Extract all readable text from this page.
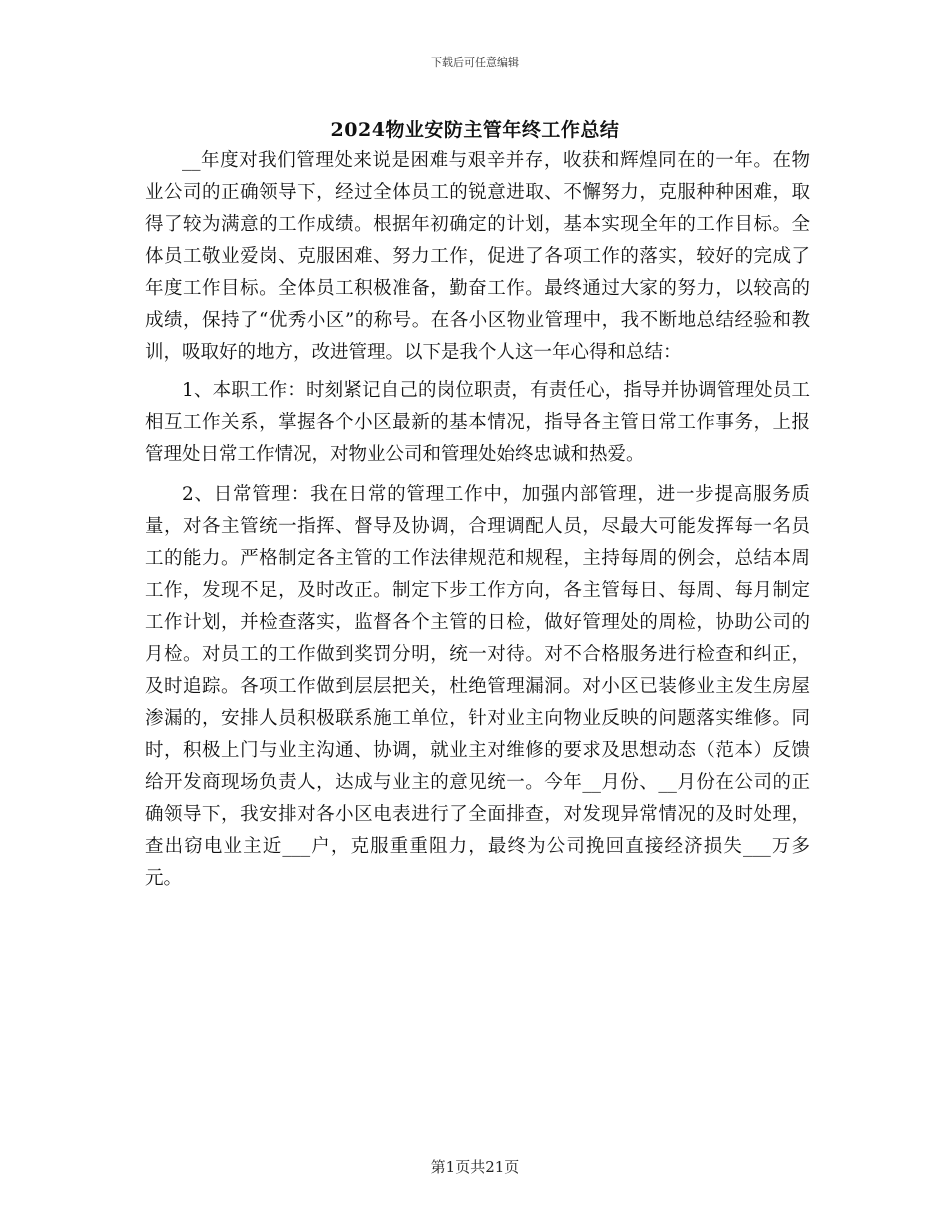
下载后可任意编辑
2024物业安防主管年终工作总结

__年度对我们管理处来说是困难与艰辛并存，收获和辉煌同在的一年。在物业公司的正确领导下，经过全体员工的锐意进取、不懈努力，克服种种困难，取得了较为满意的工作成绩。根据年初确定的计划，基本实现全年的工作目标。全体员工敬业爱岗、克服困难、努力工作，促进了各项工作的落实，较好的完成了年度工作目标。全体员工积极准备，勤奋工作。最终通过大家的努力，以较高的成绩，保持了“优秀小区”的称号。在各小区物业管理中，我不断地总结经验和教训，吸取好的地方，改进管理。以下是我个人这一年心得和总结：

1、本职工作：时刻紧记自己的岗位职责，有责任心，指导并协调管理处员工相互工作关系，掌握各个小区最新的基本情况，指导各主管日常工作事务，上报管理处日常工作情况，对物业公司和管理处始终忠诚和热爱。

2、日常管理：我在日常的管理工作中，加强内部管理，进一步提高服务质量，对各主管统一指挥、督导及协调，合理调配人员，尽最大可能发挥每一名员工的能力。严格制定各主管的工作法律规范和规程，主持每周的例会，总结本周工作，发现不足，及时改正。制定下步工作方向，各主管每日、每周、每月制定工作计划，并检查落实，监督各个主管的日检，做好管理处的周检，协助公司的月检。对员工的工作做到奖罚分明，统一对待。对不合格服务进行检查和纠正，及时追踪。各项工作做到层层把关，杜绝管理漏洞。对小区已装修业主发生房屋渗漏的，安排人员积极联系施工单位，针对业主向物业反映的问题落实维修。同时，积极上门与业主沟通、协调，就业主对维修的要求及思想动态（范本）反馈给开发商现场负责人，达成与业主的意见统一。今年__月份、__月份在公司的正确领导下，我安排对各小区电表进行了全面排查，对发现异常情况的及时处理，查出窃电业主近___户，克服重重阻力，最终为公司挽回直接经济损失___万多元。

第1页共21页
